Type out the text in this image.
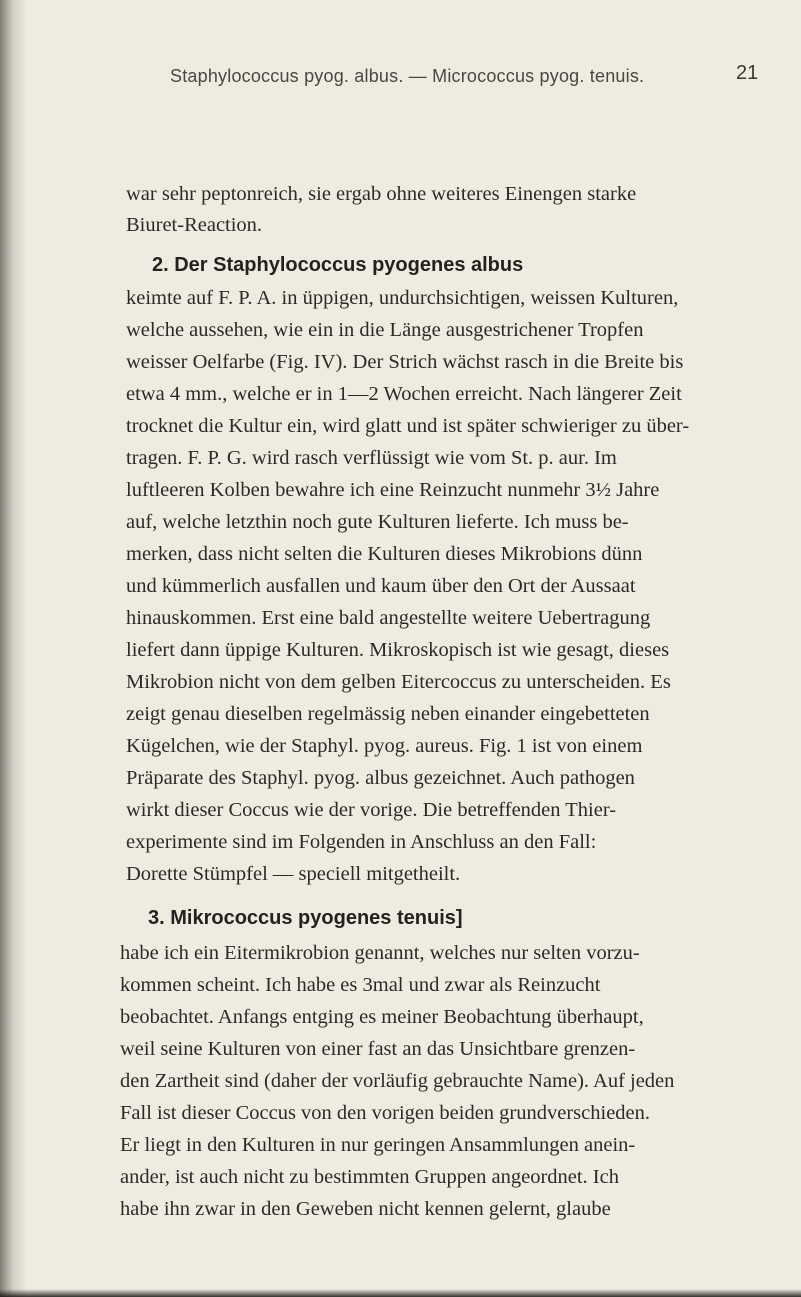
Staphylococcus pyog. albus. — Micrococcus pyog. tenuis.	21
war sehr peptonreich, sie ergab ohne weiteres Einengen starke
Biuret-Reaction.
2. Der Staphylococcus pyogenes albus
keimte auf F. P. A. in üppigen, undurchsichtigen, weissen Kulturen,
welche aussehen, wie ein in die Länge ausgestrichener Tropfen
weisser Oelfarbe (Fig. IV). Der Strich wächst rasch in die Breite bis
etwa 4 mm., welche er in 1—2 Wochen erreicht. Nach längerer Zeit
trocknet die Kultur ein, wird glatt und ist später schwieriger zu über-
tragen. F. P. G. wird rasch verflüssigt wie vom St. p. aur. Im
luftleeren Kolben bewahre ich eine Reinzucht nunmehr 3½ Jahre
auf, welche letzthin noch gute Kulturen lieferte. Ich muss be-
merken, dass nicht selten die Kulturen dieses Mikrobions dünn
und kümmerlich ausfallen und kaum über den Ort der Aussaat
hinauskommen. Erst eine bald angestellte weitere Uebertragung
liefert dann üppige Kulturen. Mikroskopisch ist wie gesagt, dieses
Mikrobion nicht von dem gelben Eitercoccus zu unterscheiden. Es
zeigt genau dieselben regelmässig neben einander eingebetteten
Kügelchen, wie der Staphyl. pyog. aureus. Fig. 1 ist von einem
Präparate des Staphyl. pyog. albus gezeichnet. Auch pathogen
wirkt dieser Coccus wie der vorige. Die betreffenden Thier-
experimente sind im Folgenden in Anschluss an den Fall:
Dorette Stümpfel — speciell mitgetheilt.
3. Mikrococcus pyogenes tenuis]
habe ich ein Eitermikrobion genannt, welches nur selten vorzu-
kommen scheint. Ich habe es 3mal und zwar als Reinzucht
beobachtet. Anfangs entging es meiner Beobachtung überhaupt,
weil seine Kulturen von einer fast an das Unsichtbare grenzen-
den Zartheit sind (daher der vorläufig gebrauchte Name). Auf jeden
Fall ist dieser Coccus von den vorigen beiden grundverschieden.
Er liegt in den Kulturen in nur geringen Ansammlungen anein-
ander, ist auch nicht zu bestimmten Gruppen angeordnet. Ich
habe ihn zwar in den Geweben nicht kennen gelernt, glaube
